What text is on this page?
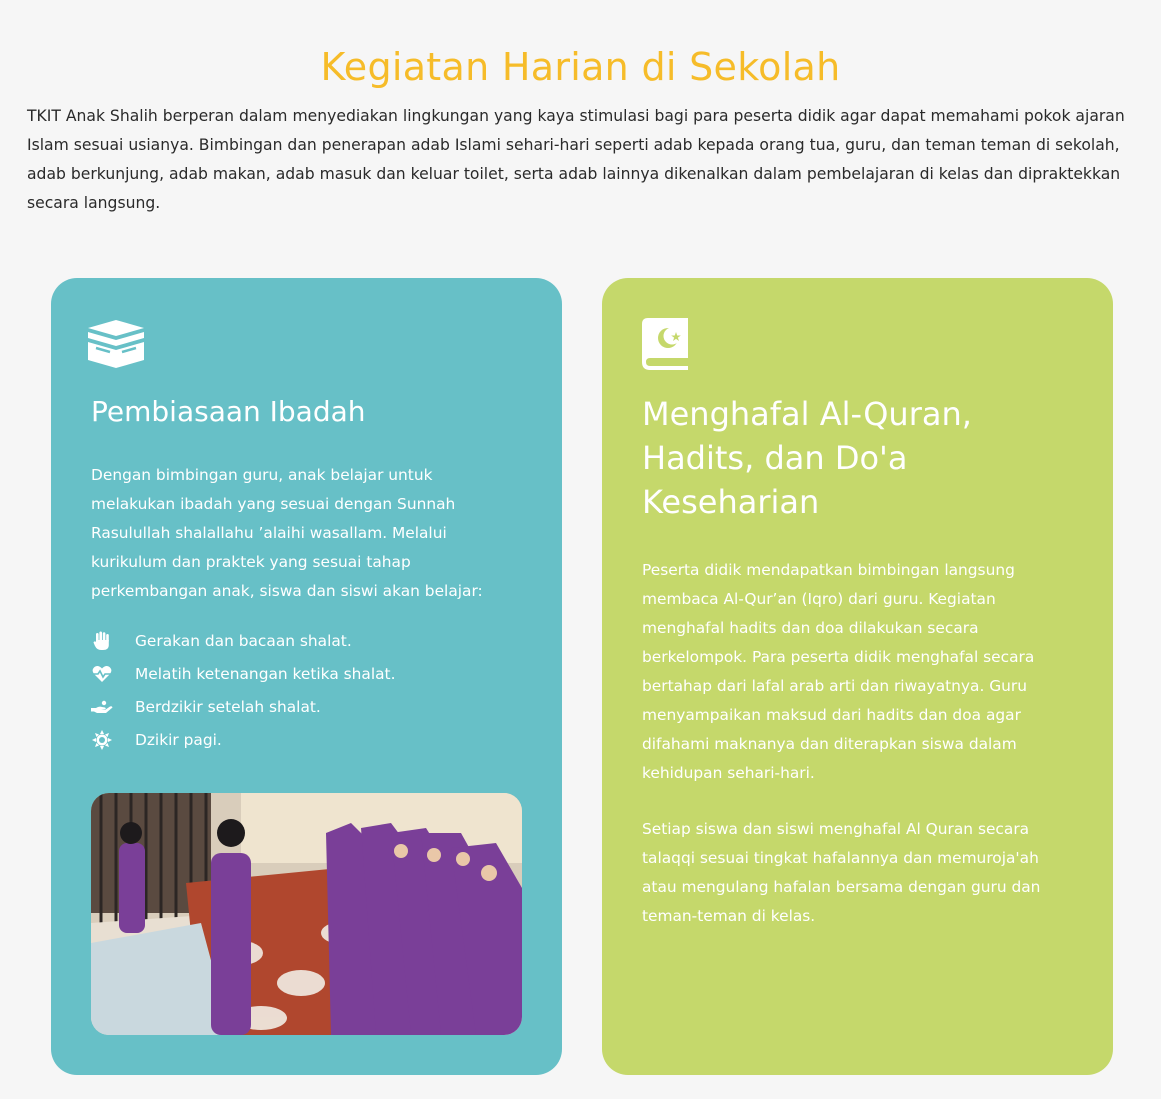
Kegiatan Harian di Sekolah

TKIT Anak Shalih berperan dalam menyediakan lingkungan yang kaya stimulasi bagi para peserta didik agar dapat memahami pokok ajaran Islam sesuai usianya. Bimbingan dan penerapan adab Islami sehari-hari seperti adab kepada orang tua, guru, dan teman teman di sekolah, adab berkunjung, adab makan, adab masuk dan keluar toilet, serta adab lainnya dikenalkan dalam pembelajaran di kelas dan dipraktekkan secara langsung.

Pembiasaan Ibadah

Dengan bimbingan guru, anak belajar untuk melakukan ibadah yang sesuai dengan Sunnah Rasulullah shalallahu ’alaihi wasallam. Melalui kurikulum dan praktek yang sesuai tahap perkembangan anak, siswa dan siswi akan belajar:

Gerakan dan bacaan shalat.
Melatih ketenangan ketika shalat.
Berdzikir setelah shalat.
Dzikir pagi.
Menghafal Al-Quran, Hadits, dan Do'a Keseharian

Peserta didik mendapatkan bimbingan langsung membaca Al-Qur’an (Iqro) dari guru. Kegiatan menghafal hadits dan doa dilakukan secara berkelompok. Para peserta didik menghafal secara bertahap dari lafal arab arti dan riwayatnya. Guru menyampaikan maksud dari hadits dan doa agar difahami maknanya dan diterapkan siswa dalam kehidupan sehari-hari.

Setiap siswa dan siswi menghafal Al Quran secara talaqqi sesuai tingkat hafalannya dan memuroja'ah atau mengulang hafalan bersama dengan guru dan teman-teman di kelas.
